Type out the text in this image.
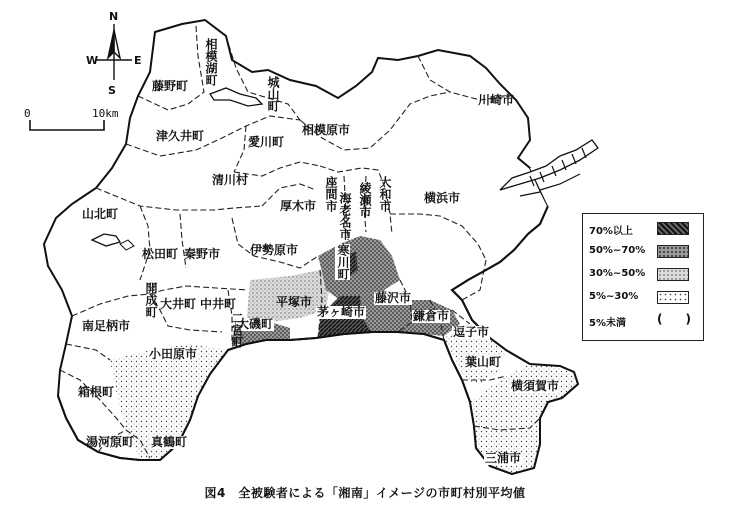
N
S
W	E
0	10km
相模湖町
藤野町	城山町
津久井町	愛川町
相模原市
清川村
山北町
松田町 秦野市 伊勢原市
厚木市 座間市 海老名市 綾瀬市 大和市
寒川町
川崎市
横浜市
開成町 大井町 中井町	平塚市
茅ヶ崎市
藤沢市
鎌倉市
逗子市
葉山町
横須賀市
三浦市
南足柄市
小田原市
大磯町
二宮町
箱根町
湯河原町 真鶴町
70%以上
50%~70%
30%~50%
5%~30%
5%未満	( )
図4　全被験者による「湘南」イメージの市町村別平均値
